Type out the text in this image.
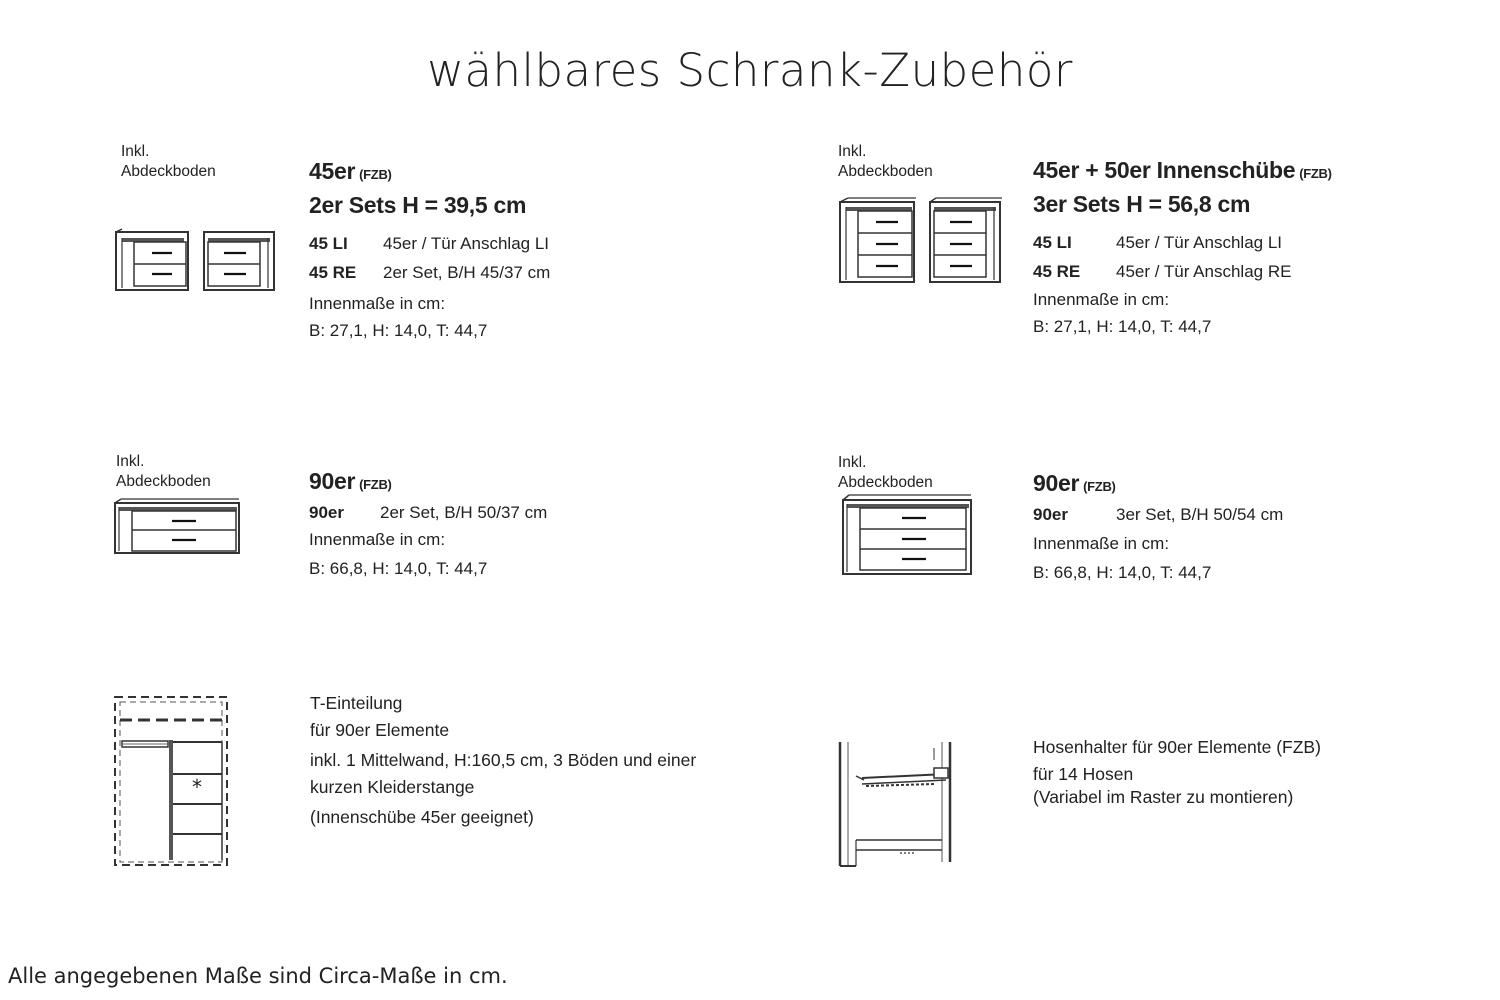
wählbares Schrank-Zubehör
Inkl.
Abdeckboden	45er (FZB)
2er Sets H = 39,5 cm
45 LI	45er / Tür Anschlag LI
45 RE	2er Set, B/H 45/37 cm
Innenmaße in cm:
B: 27,1, H: 14,0, T: 44,7
Inkl.
Abdeckboden	45er + 50er Innenschübe (FZB)
3er Sets H = 56,8 cm
45 LI	45er / Tür Anschlag LI
45 RE	45er / Tür Anschlag RE
Innenmaße in cm:
B: 27,1, H: 14,0, T: 44,7
Inkl.
Abdeckboden	90er (FZB)
90er	2er Set, B/H 50/37 cm
Innenmaße in cm:
B: 66,8, H: 14,0, T: 44,7
Inkl.
Abdeckboden	90er (FZB)
90er	3er Set, B/H 50/54 cm
Innenmaße in cm:
B: 66,8, H: 14,0, T: 44,7
*
T-Einteilung
für 90er Elemente
inkl. 1 Mittelwand, H:160,5 cm, 3 Böden und einer
kurzen Kleiderstange
(Innenschübe 45er geeignet)
Hosenhalter für 90er Elemente (FZB)
für 14 Hosen
(Variabel im Raster zu montieren)
Alle angegebenen Maße sind Circa-Maße in cm.
